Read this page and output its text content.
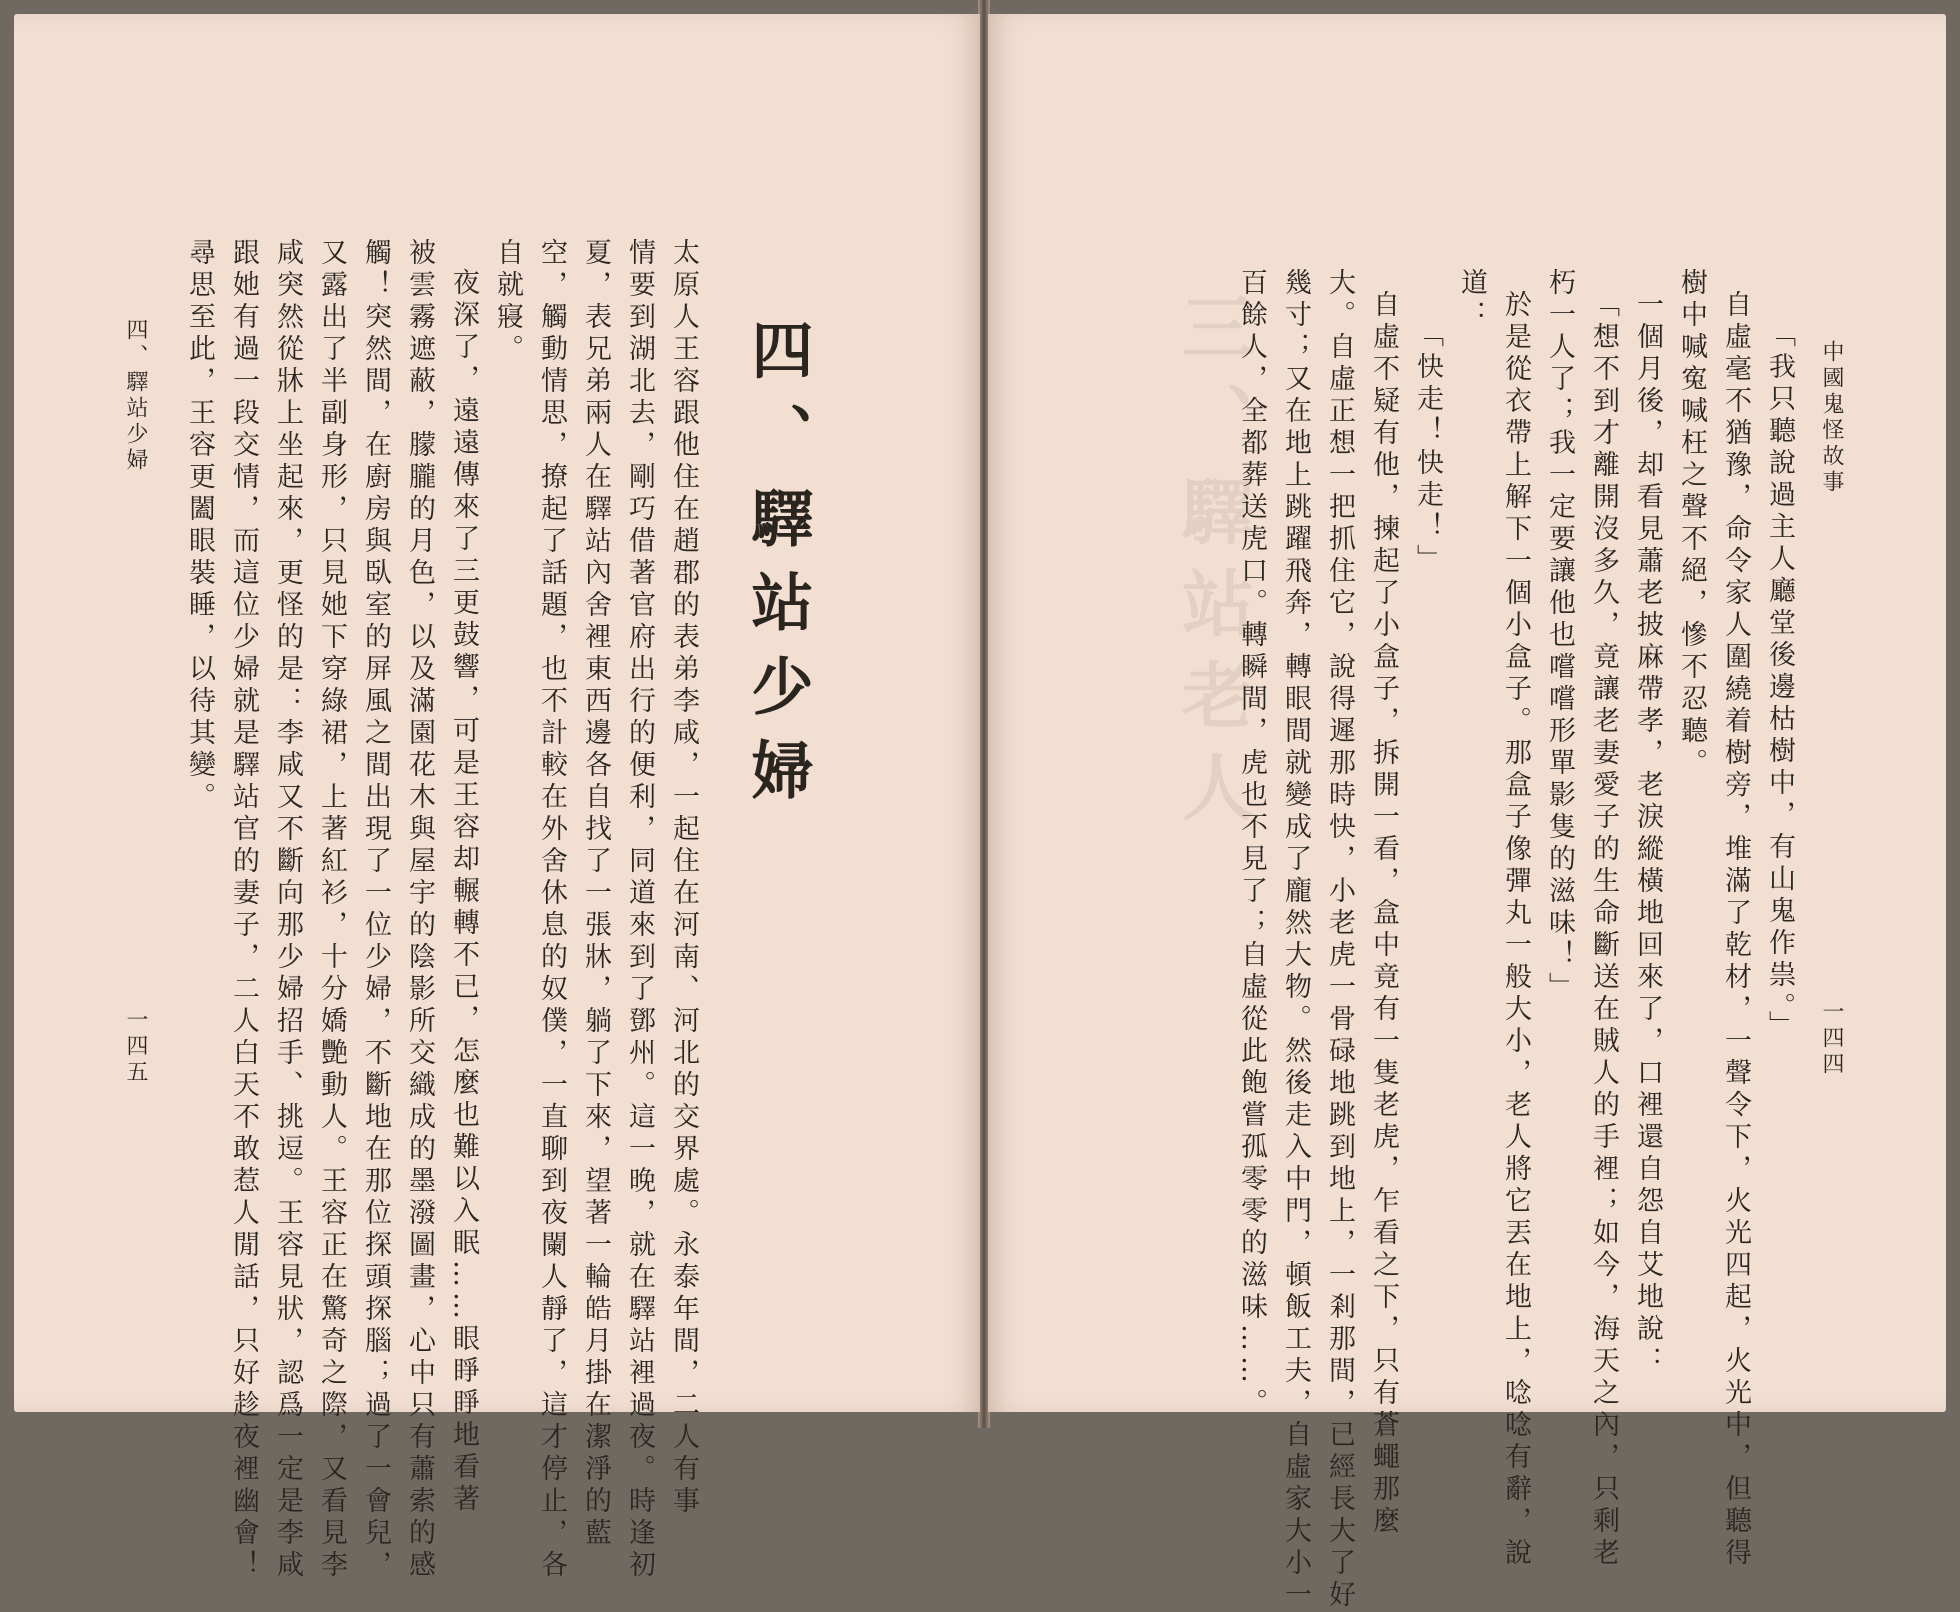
四、驛站少婦
太原人王容跟他住在趙郡的表弟李咸，一起住在河南、河北的交界處。永泰年間，二人有事
情要到湖北去，剛巧借著官府出行的便利，同道來到了鄧州。這一晚，就在驛站裡過夜。時逢初
夏，表兄弟兩人在驛站內舍裡東西邊各自找了一張牀，躺了下來，望著一輪皓月掛在潔淨的藍
空，觸動情思，撩起了話題，也不計較在外舍休息的奴僕，一直聊到夜闌人靜了，這才停止，各
自就寢。
夜深了，遠遠傳來了三更鼓響，可是王容却輾轉不已，怎麼也難以入眠……眼睜睜地看著
被雲霧遮蔽，朦朧的月色，以及滿園花木與屋宇的陰影所交織成的墨潑圖畫，心中只有蕭索的感
觸！突然間，在廚房與臥室的屏風之間出現了一位少婦，不斷地在那位探頭探腦；過了一會兒，
又露出了半副身形，只見她下穿綠裙，上著紅衫，十分嬌艷動人。王容正在驚奇之際，又看見李
咸突然從牀上坐起來，更怪的是：李咸又不斷向那少婦招手、挑逗。王容見狀，認爲一定是李咸
跟她有過一段交情，而這位少婦就是驛站官的妻子，二人白天不敢惹人閒話，只好趁夜裡幽會！
尋思至此，王容更闔眼裝睡，以待其變。
四、驛站少婦
一四五
三、驛站老人	中國鬼怪故事
一四四
「我只聽說過主人廳堂後邊枯樹中，有山鬼作祟。」
自虛毫不猶豫，命令家人圍繞着樹旁，堆滿了乾材，一聲令下，火光四起，火光中，但聽得
樹中喊寃喊枉之聲不絕，慘不忍聽。
一個月後，却看見蕭老披麻帶孝，老淚縱橫地回來了，口裡還自怨自艾地說：
「想不到才離開沒多久，竟讓老妻愛子的生命斷送在賊人的手裡；如今，海天之內，只剩老
朽一人了；我一定要讓他也嚐嚐形單影隻的滋味！」
於是從衣帶上解下一個小盒子。那盒子像彈丸一般大小，老人將它丟在地上，唸唸有辭，說
道：
「快走！快走！」
自虛不疑有他，揀起了小盒子，拆開一看，盒中竟有一隻老虎，乍看之下，只有蒼蠅那麼
大。自虛正想一把抓住它，說得遲那時快，小老虎一骨碌地跳到地上，一剎那間，已經長大了好
幾寸；又在地上跳躍飛奔，轉眼間就變成了龐然大物。然後走入中門，頓飯工夫，自虛家大小一
百餘人，全都葬送虎口。轉瞬間，虎也不見了；自虛從此飽嘗孤零零的滋味……。
